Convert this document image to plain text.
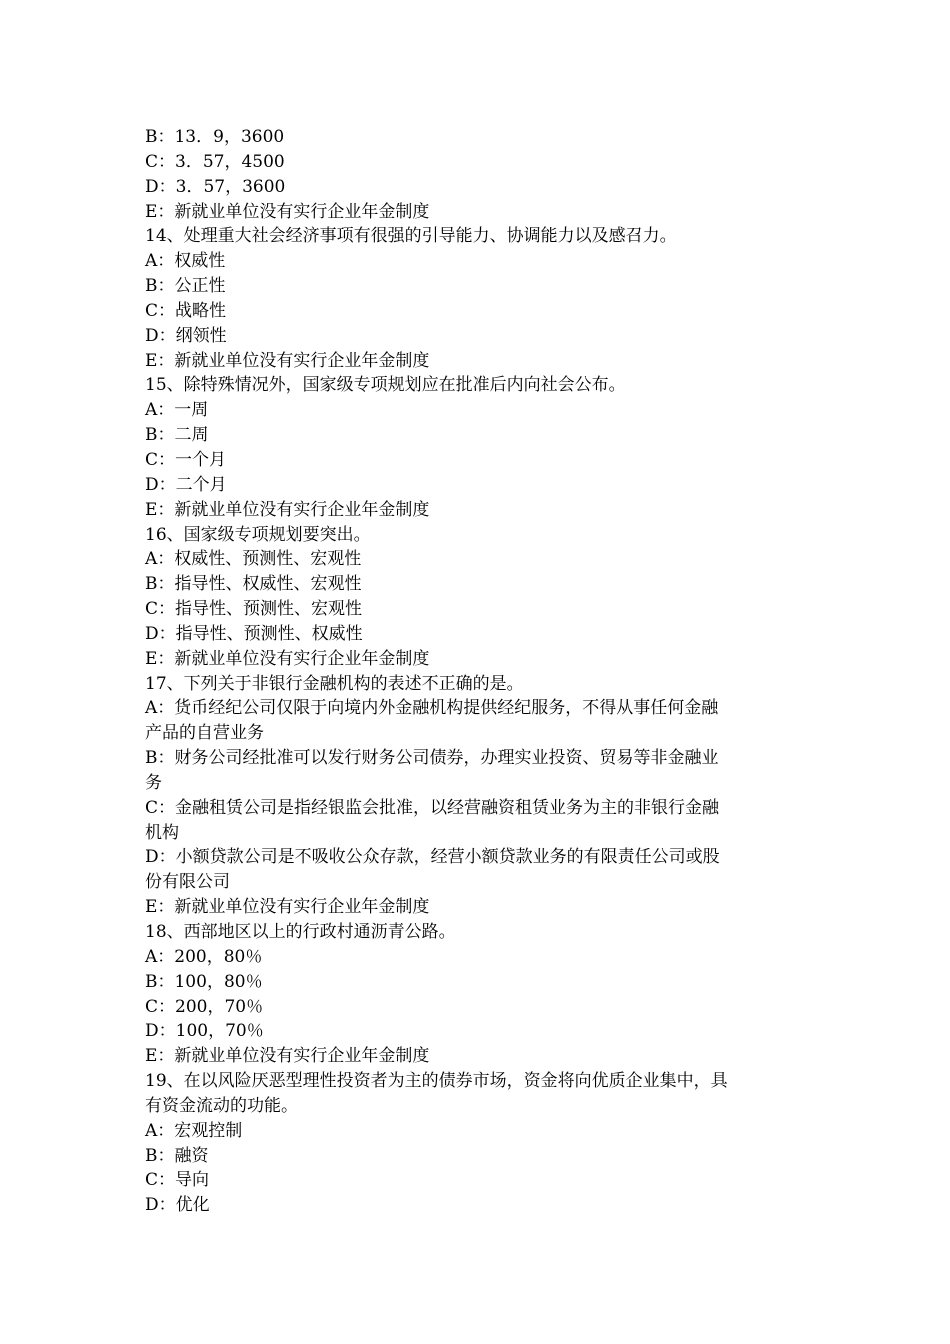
B：13．9，3600

C：3．57，4500

D：3．57，3600

E：新就业单位没有实行企业年金制度

14、处理重大社会经济事项有很强的引导能力、协调能力以及感召力。

A：权威性

B：公正性

C：战略性

D：纲领性

E：新就业单位没有实行企业年金制度

15、除特殊情况外，国家级专项规划应在批准后内向社会公布。

A：一周

B：二周

C：一个月

D：二个月

E：新就业单位没有实行企业年金制度

16、国家级专项规划要突出。

A：权威性、预测性、宏观性

B：指导性、权威性、宏观性

C：指导性、预测性、宏观性

D：指导性、预测性、权威性

E：新就业单位没有实行企业年金制度

17、下列关于非银行金融机构的表述不正确的是。

A：货币经纪公司仅限于向境内外金融机构提供经纪服务，不得从事任何金融

产品的自营业务

B：财务公司经批准可以发行财务公司债券，办理实业投资、贸易等非金融业

务

C：金融租赁公司是指经银监会批准，以经营融资租赁业务为主的非银行金融

机构

D：小额贷款公司是不吸收公众存款，经营小额贷款业务的有限责任公司或股

份有限公司

E：新就业单位没有实行企业年金制度

18、西部地区以上的行政村通沥青公路。

A：200，80％

B：100，80％

C：200，70％

D：100，70％

E：新就业单位没有实行企业年金制度

19、在以风险厌恶型理性投资者为主的债券市场，资金将向优质企业集中，具

有资金流动的功能。

A：宏观控制

B：融资

C：导向

D：优化
